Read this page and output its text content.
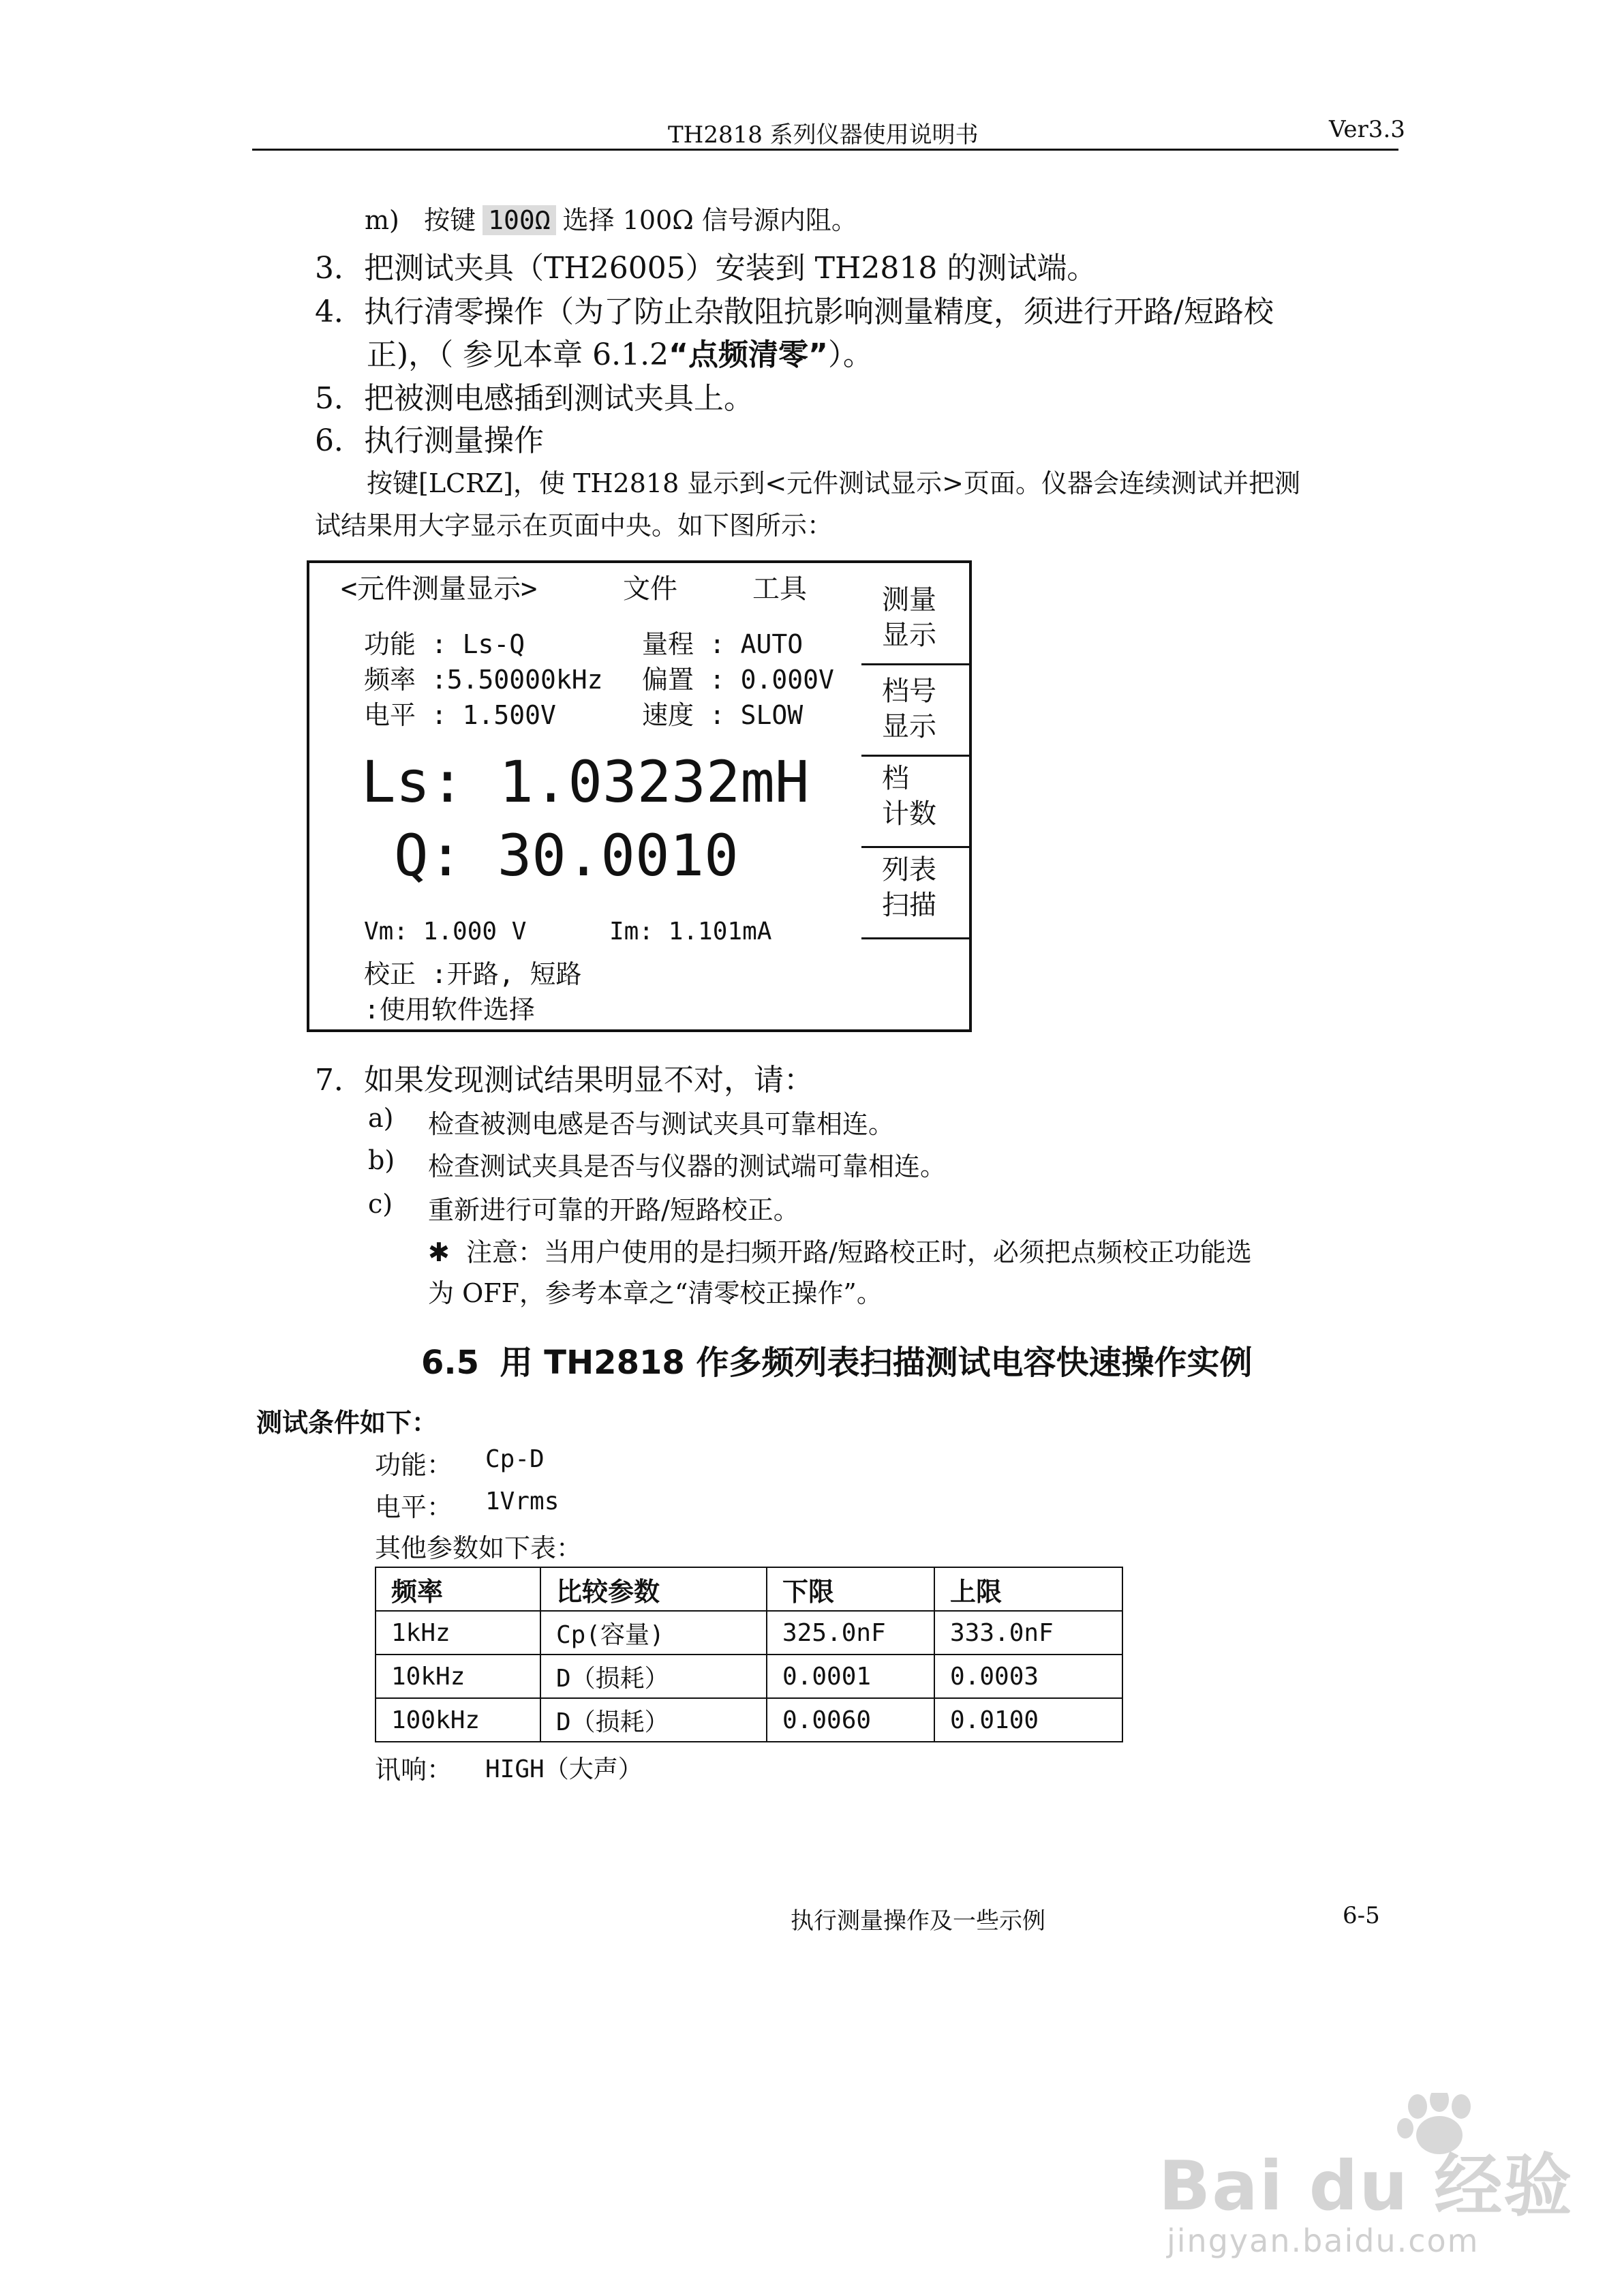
TH2818 系列仪器使用说明书	Ver3.3
m) 按键 100Ω 选择 100Ω 信号源内阻。
3．把测试夹具（TH26005）安装到 TH2818 的测试端。
4．执行清零操作（为了防止杂散阻抗影响测量精度，须进行开路/短路校
正)，（ 参见本章 6.1.2“点频清零”）。
5．把被测电感插到测试夹具上。
6．执行测量操作
按键[LCRZ]，使 TH2818 显示到<元件测试显示>页面。仪器会连续测试并把测
试结果用大字显示在页面中央。如下图所示：
<元件测量显示>	文件	工具
功能 : Ls-Q
频率 :5.50000kHz
电平 : 1.500V
量程 : AUTO
偏置 : 0.000V
速度 : SLOW
Ls: 1.03232mH
Q: 30.0010
Vm: 1.000 V	Im: 1.101mA
校正 :开路, 短路
:使用软件选择
测量
显示
档号
显示
档
计数
列表
扫描
7．如果发现测试结果明显不对，请：
a) 检查被测电感是否与测试夹具可靠相连。
b) 检查测试夹具是否与仪器的测试端可靠相连。
c) 重新进行可靠的开路/短路校正。
✱ 注意：当用户使用的是扫频开路/短路校正时，必须把点频校正功能选
为 OFF，参考本章之“清零校正操作”。
6.5 用 TH2818 作多频列表扫描测试电容快速操作实例
测试条件如下：
功能： Cp-D
电平： 1Vrms
其他参数如下表：
频率	比较参数	下限	上限
1kHz	Cp(容量)	325.0nF	333.0nF
10kHz	D（损耗）	0.0001	0.0003
100kHz	D（损耗）	0.0060	0.0100
讯响： HIGH（大声）
执行测量操作及一些示例	6-5
Bai du 经验
jingyan.baidu.com
